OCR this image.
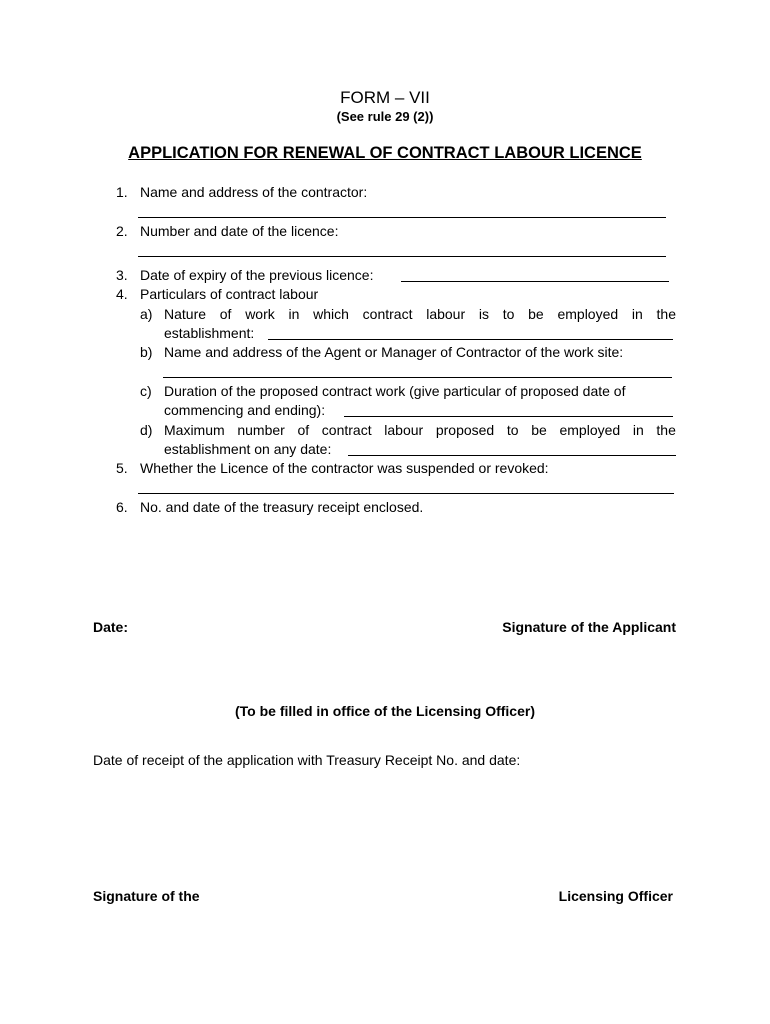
FORM – VII
(See rule 29 (2))
APPLICATION FOR RENEWAL OF CONTRACT LABOUR LICENCE
1. Name and address of the contractor:
2. Number and date of the licence:
3. Date of expiry of the previous licence:
4. Particulars of contract labour
a) Nature of work in which contract labour is to be employed in the
establishment:
b) Name and address of the Agent or Manager of Contractor of the work site:
c) Duration of the proposed contract work (give particular of proposed date of
commencing and ending):
d) Maximum number of contract labour proposed to be employed in the
establishment on any date:
5. Whether the Licence of the contractor was suspended or revoked:
6. No. and date of the treasury receipt enclosed.
Date:	Signature of the Applicant
(To be filled in office of the Licensing Officer)
Date of receipt of the application with Treasury Receipt No. and date:
Signature of the	Licensing Officer
